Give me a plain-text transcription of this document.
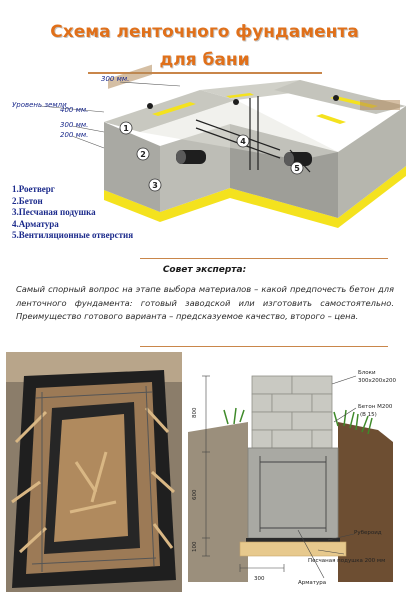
Схема ленточного фундамента
для бани
1
2
3
4
5
300 мм.
Уровень земли
400 мм.
300 мм.
200 мм.
1.Роетверг
2.Бетон
3.Песчаная подушка
4.Арматура
5.Вентиляционные отверстия
Совет эксперта:
Самый спорный вопрос на этапе выбора материалов – какой предпочесть бетон для ленточного фундамента: готовый заводской или изготовить самостоятельно. Преимущество готового варианта – предсказуемое качество, второго – цена.
Блоки
300х200х200
Бетон М200
(В 15)
Рубероид
Песчаная подушка 200 мм
Арматура
800
600
100
300
